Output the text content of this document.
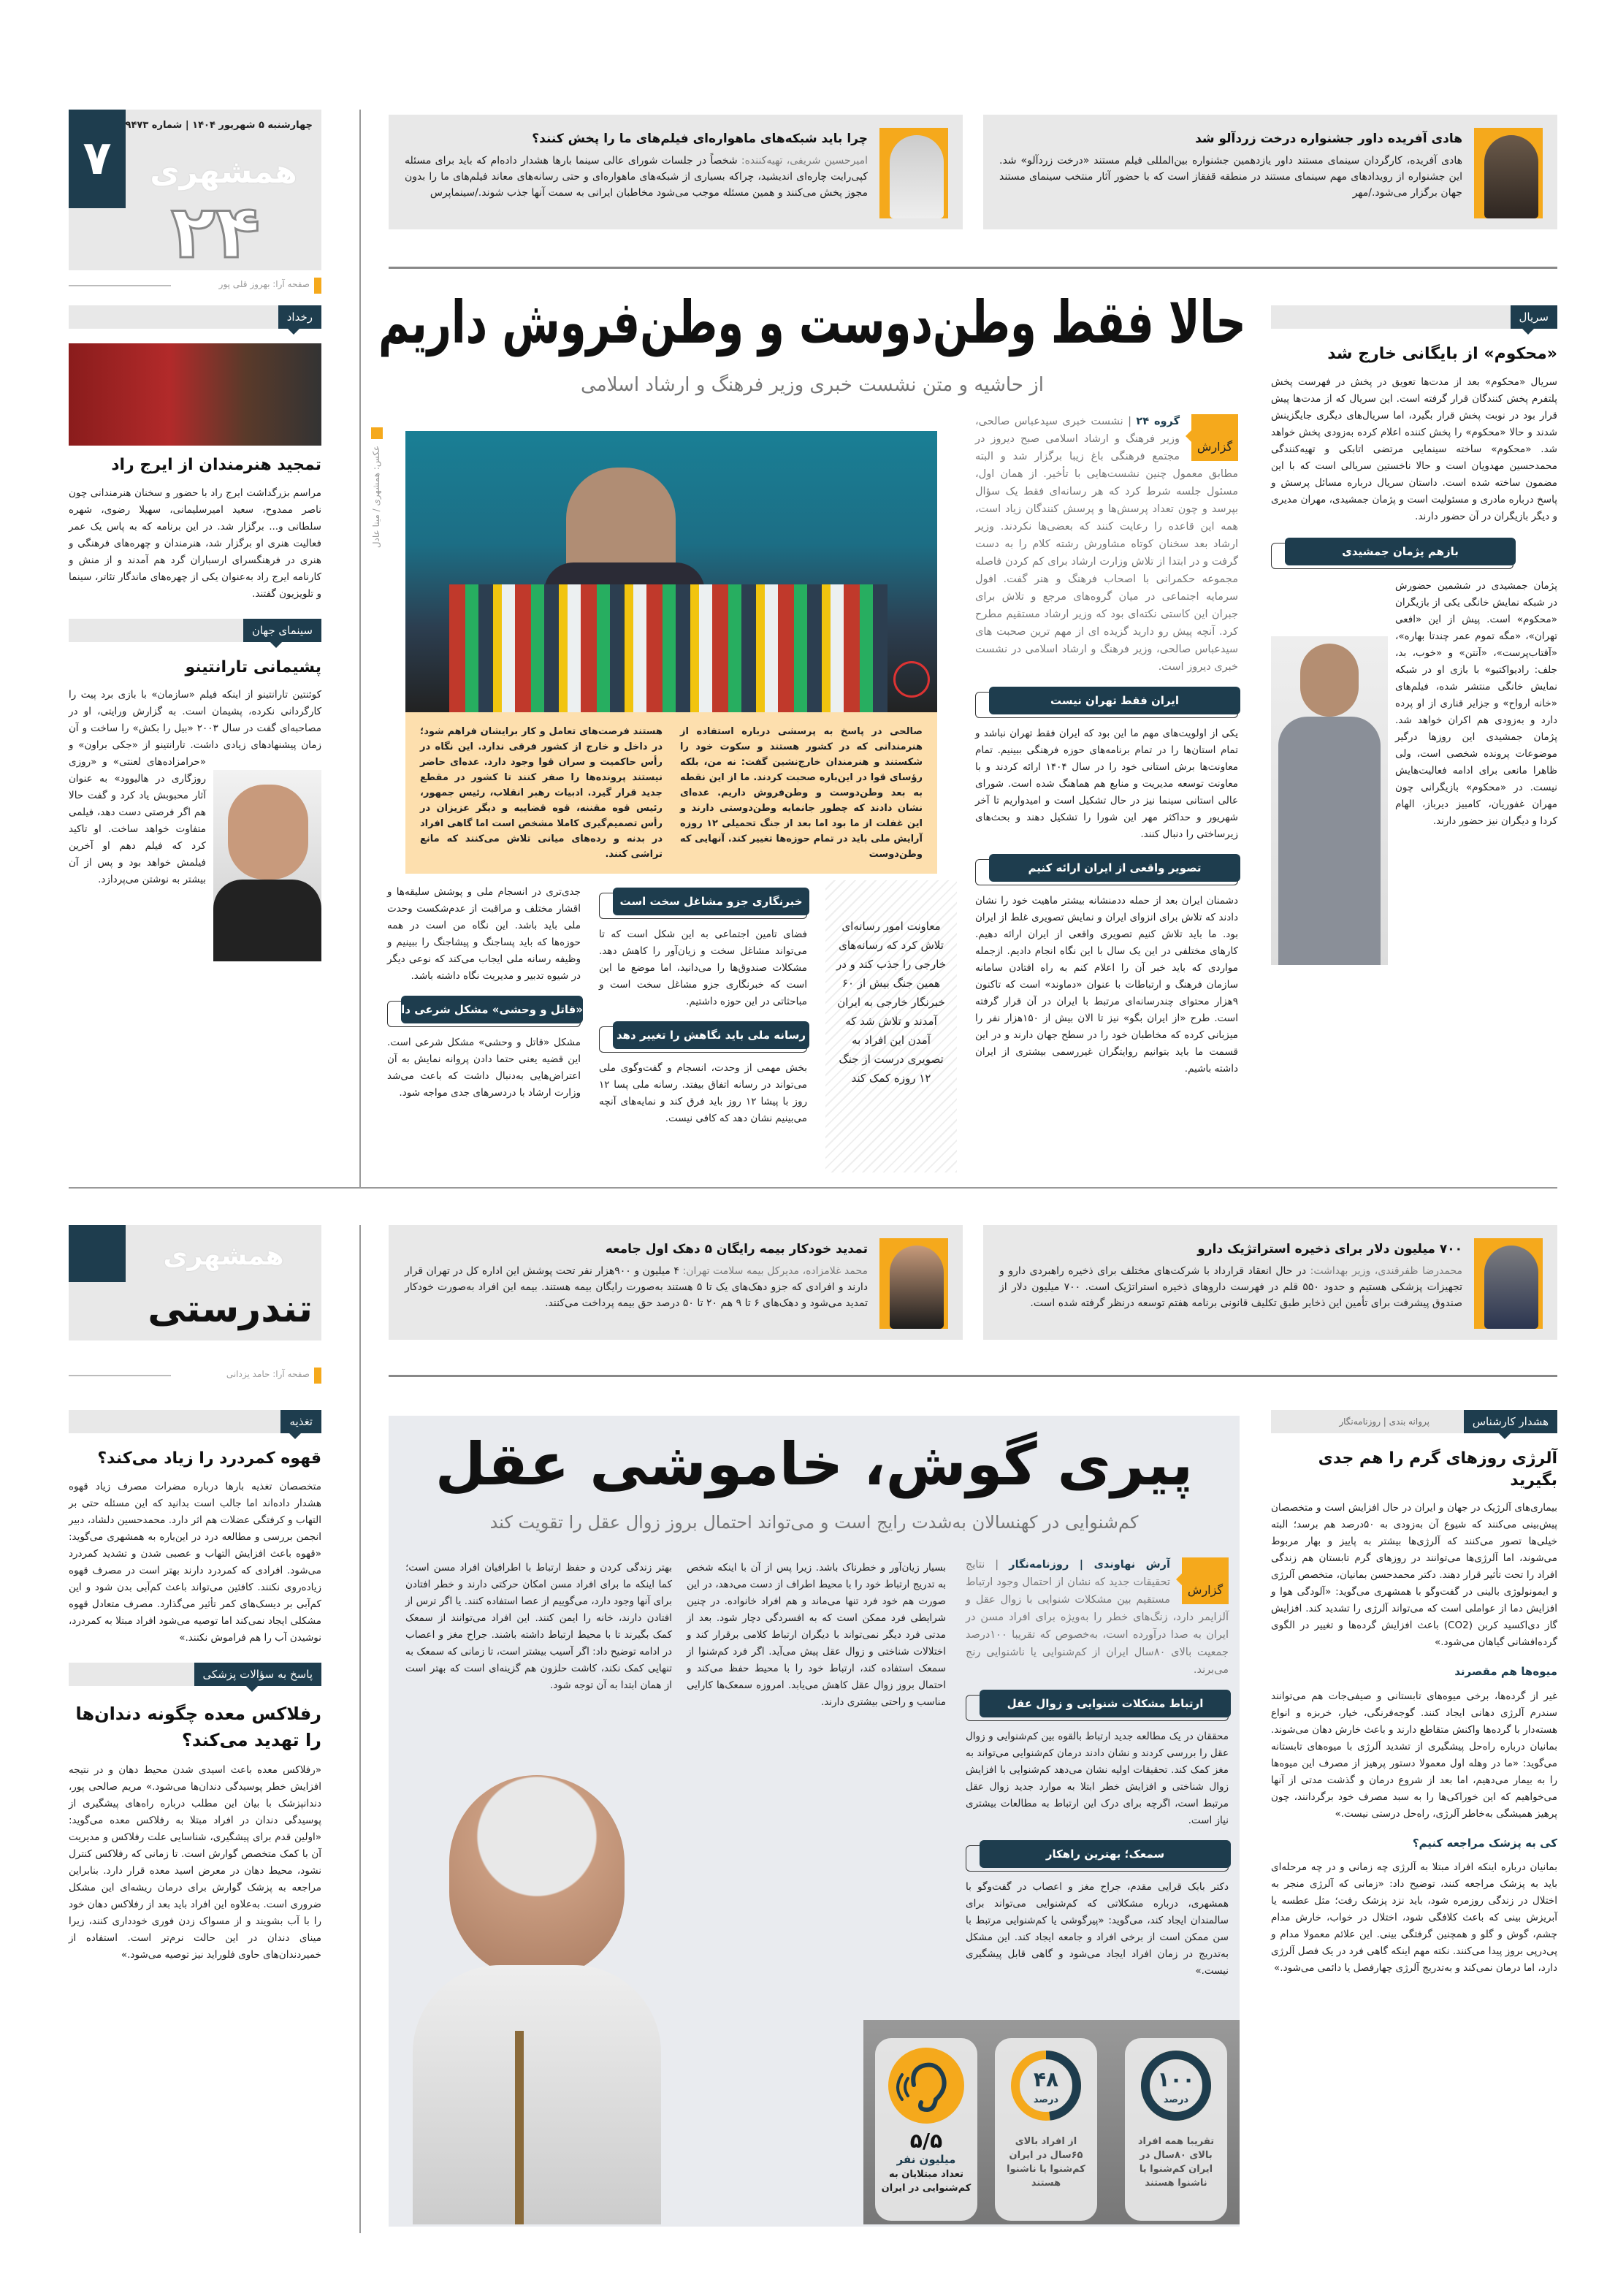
۷
چهارشنبه ۵ شهریور ۱۴۰۴ | شماره ۹۴۷۳
همشهری
۲۴
صفحه آرا: بهروز قلی پور
هادی آفریده داور جشنواره درخت زردآلو شد

هادی آفریده، کارگردان سینمای مستند داور یازدهمین جشنواره بین‌المللی فیلم مستند «درخت زردآلو» شد. این جشنواره از رویدادهای مهم سینمای مستند در منطقه قفقاز است که با حضور آثار منتخب سینمای مستند جهان برگزار می‌شود./مهر

چرا باید شبکه‌های ماهواره‌ای فیلم‌های ما را پخش کنند؟

امیرحسین شریفی، تهیه‌کننده: شخصاً در جلسات شورای عالی سینما بارها هشدار داده‌ام که باید برای مسئله کپی‌رایت چاره‌ای اندیشید، چراکه بسیاری از شبکه‌های ماهواره‌ای و حتی رسانه‌های معاند فیلم‌های ما را بدون مجوز پخش می‌کنند و همین مسئله موجب می‌شود مخاطبان ایرانی به سمت آنها جذب شوند./سینماپرس

حالا فقط وطن‌دوست و وطن‌فروش داریم
از حاشیه و متن نشست خبری وزیر فرهنگ و ارشاد اسلامی
عکس: همشهری / مینا عادل
صالحی در پاسخ به پرسشی درباره استفاده از هنرمندانی که در کشور هستند و سکوت خود را شکستند و هنرمندان خارج‌نشین گفت: نه من، بلکه رؤسای قوا در این‌باره صحبت کردند. ما از این نقطه به بعد وطن‌دوست و وطن‌فروش داریم. عده‌ای نشان دادند که چطور جانمایه وطن‌دوستی دارند و این غفلت از ما بود اما بعد از جنگ تحمیلی ۱۲ روزه آرایش ملی باید در تمام حوزه‌ها تغییر کند. آنهایی که وطن‌دوست
هستند فرصت‌های تعامل و کار برایشان فراهم شود؛ در داخل و خارج از کشور فرقی ندارد. این نگاه در رأس حاکمیت و سران قوا وجود دارد. عده‌ای حاضر نیستند پرونده‌ها را صفر کنند تا کشور در مقطع جدید قرار گیرد. ادبیات رهبر انقلاب، رئیس جمهور، رئیس قوه مقننه، قوه قضاییه و دیگر عزیزان در رأس تصمیم‌گیری کاملا مشخص است اما گاهی افراد در بدنه و رده‌های میانی تلاش می‌کنند که مانع تراشی کنند.
گزارش
گروه ۲۴ | نشست خبری سیدعباس صالحی، وزیر فرهنگ و ارشاد اسلامی صبح دیروز در مجتمع فرهنگی باغ زیبا برگزار شد و البته مطابق معمول چنین نشست‌هایی با تأخیر. از همان اول، مسئول جلسه شرط کرد که هر رسانه‌ای فقط یک سؤال بپرسد و چون تعداد پرسش‌ها و پرسش کنندگان زیاد است، همه این قاعده را رعایت کنند که بعضی‌ها نکردند. وزیر ارشاد بعد سخنان کوتاه مشاورش رشته کلام را به دست گرفت و در ابتدا از تلاش وزارت ارشاد برای کم کردن فاصله مجموعه حکمرانی با اصحاب فرهنگ و هنر گفت. افول سرمایه اجتماعی در میان گروه‌های مرجع و تلاش برای جبران این کاستی نکته‌ای بود که وزیر ارشاد مستقیم مطرح کرد. آنچه پیش رو دارید گزیده ای از مهم ترین صحبت های سیدعباس صالحی، وزیر فرهنگ و ارشاد اسلامی در نشست خبری دیروز است.
ایران فقط تهران نیست
یکی از اولویت‌های مهم ما این بود که ایران فقط تهران نباشد و تمام استان‌ها را در تمام برنامه‌های حوزه فرهنگی ببینیم. تمام معاونت‌ها برش استانی خود را در سال ۱۴۰۴ ارائه کردند و با معاونت توسعه مدیریت و منابع هم هماهنگ شده است. شورای عالی استانی سینما نیز در حال تشکیل است و امیدواریم تا آخر شهریور و حداکثر مهر این شورا را تشکیل دهند و بحث‌های زیرساختی را دنبال کنند.
تصویر واقعی از ایران ارائه کنیم
دشمنان ایران بعد از حمله ددمنشانه بیشتر ماهیت خود را نشان دادند که تلاش برای انزوای ایران و نمایش تصویری غلط از ایران بود. ما باید تلاش کنیم تصویری واقعی از ایران ارائه دهیم. کارهای مختلفی در این یک سال با این نگاه انجام دادیم. ازجمله مواردی که باید خبر آن را اعلام کنم به راه افتادن سامانه سازمان فرهنگ و ارتباطات با عنوان «دماوند» است که تاکنون ۹هزار محتوای چندرسانه‌ای مرتبط با ایران در آن قرار گرفته است. طرح «از ایران بگو» نیز تا الان بیش از ۱۵۰هزار نفر را میزبانی کرده که مخاطبان خود را در سطح جهان دارند و در این قسمت ما باید بتوانیم روایتگران غیررسمی بیشتری از ایران داشته باشیم.
معاونت امور رسانه‌ای تلاش کرد که رسانه‌های خارجی را جذب کند و در همین جنگ بیش از ۶۰ خبرنگار خارجی به ایران آمدند و تلاش شد که آمدن این افراد به تصویری درست از جنگ ۱۲ روزه کمک کند
خبرنگاری جزو مشاغل سخت است
فضای تامین اجتماعی به این شکل است که تا می‌تواند مشاغل سخت و زیان‌آور را کاهش دهد. مشکلات صندوق‌ها را می‌دانید، اما موضع ما این است که خبرنگاری جزو مشاغل سخت است و مباحثاتی در این حوزه داشتیم.
رسانه ملی باید نگاهش را تغییر دهد
بخش مهمی از وحدت، انسجام و گفت‌وگوی ملی می‌تواند در رسانه اتفاق بیفتد. رسانه ملی پسا ۱۲ روز با پیشا ۱۲ روز باید فرق کند و نمایه‌های آنچه می‌بینیم نشان دهد که کافی نیست.
جدی‌تری در انسجام ملی و پوشش سلیقه‌ها و اقشار مختلف و مراقبت از عدم‌شکست وحدت ملی باید باشد. این نگاه من است در همه حوزه‌ها که باید پساجنگ و پیشاجنگ را ببینیم و وظیفه رسانه ملی ایجاب می‌کند که نوعی دیگر در شیوه تدبیر و مدیریت نگاه داشته باشد.
«قاتل و وحشی» مشکل شرعی دارد
مشکل «قاتل و وحشی» مشکل شرعی است. این قضیه یعنی حتما دادن پروانه نمایش به آن اعتراض‌هایی به‌دنبال داشت که باعث می‌شد وزارت ارشاد با دردسرهای جدی مواجه شود.
سریال
«محکوم» از بایگانی خارج شد
سریال «محکوم» بعد از مدت‌ها تعویق در پخش در فهرست پخش پلتفرم پخش کنندگان قرار گرفته است. این سریال که از مدت‌ها پیش قرار بود در نوبت پخش قرار بگیرد، اما سریال‌های دیگری جایگزینش شدند و حالا «محکوم» را پخش کننده اعلام کرده به‌زودی پخش خواهد شد. «محکوم» ساخته سینمایی مرتضی اتابکی و تهیه‌کنندگی محمدحسین مهدویان است و حالا ناخستین سریالی است که با این مضمون ساخته شده است. داستان سریال درباره مسائل پرسش و پاسخ درباره مادری و مسئولیت است و پژمان جمشیدی، مهران مدیری و دیگر بازیگران در آن حضور دارند.
بازهم پژمان جمشیدی
پژمان جمشیدی در ششمین حضورش در شبکه نمایش خانگی یکی از بازیگران «محکوم» است. پیش از این «افعی تهران»، «مگه تموم عمر چندتا بهاره»، «آفتاب‌پرست»، «آنتن» و «خوب، بد، جلف: رادیواکتیو» با بازی او در شبکه نمایش خانگی منتشر شده، فیلم‌های «خانه ارواح» و جزایر قناری از او پرده دارد و به‌زودی هم اکران خواهد شد. پژمان جمشیدی این روزها درگیر موضوعات پرونده شخصی است، ولی ظاهرا مانعی برای ادامه فعالیت‌هایش نیست. در «محکوم» بازیگرانی چون مهران غفوریان، کامبیز دیرباز، الهام کردا و دیگران نیز حضور دارند.
رخداد
تمجید هنرمندان از ایرج راد
مراسم بزرگداشت ایرج راد با حضور و سخنان هنرمندانی چون ناصر ممدوح، سعید امیرسلیمانی، سهیلا رضوی، شهره سلطانی و... برگزار شد. در این برنامه که به پاس یک عمر فعالیت هنری او برگزار شد، هنرمندان و چهره‌های فرهنگی و هنری در فرهنگسرای ارسباران گرد هم آمدند و از منش و کارنامه ایرج راد به‌عنوان یکی از چهره‌های ماندگار تئاتر، سینما و تلویزیون گفتند.
سینمای جهان
پشیمانی تارانتینو
کوئنتین تارانتینو از اینکه فیلم «سازمان» با بازی برد پیت را کارگردانی نکرده، پشیمان است. به گزارش ورایتی، او در مصاحبه‌ای گفت در سال ۲۰۰۳ «بیل را بکش» را ساخت و آن زمان پیشنهادهای زیادی داشت. تارانتینو از «جکی براون» و «حرامزاده‌های لعنتی» و «روزی روزگاری در هالیوود» به عنوان آثار محبوبش یاد کرد و گفت حالا هم اگر فرصتی دست دهد، فیلمی متفاوت خواهد ساخت. او تاکید کرد که فیلم دهم او آخرین فیلمش خواهد بود و پس از آن بیشتر به نوشتن می‌پردازد.
همشهری
تندرستی
صفحه آرا: حامد یزدانی
۷۰۰ میلیون دلار برای ذخیره استراتژیک دارو

محمدرضا ظفرقندی، وزیر بهداشت: در حال انعقاد قرارداد با شرکت‌های مختلف برای ذخیره راهبردی دارو و تجهیزات پزشکی هستیم و حدود ۵۵۰ قلم در فهرست داروهای ذخیره استراتژیک است. ۷۰۰ میلیون دلار از صندوق پیشرفت برای تأمین این ذخایر طبق تکلیف قانونی برنامه هفتم توسعه درنظر گرفته شده است.

تمدید خودکار بیمه رایگان ۵ دهک اول جامعه

محمد غلامزاده، مدیرکل بیمه سلامت تهران: ۴ میلیون و ۹۰۰هزار نفر تحت پوشش این اداره کل در تهران قرار دارند و افرادی که جزو دهک‌های یک تا ۵ هستند به‌صورت رایگان بیمه هستند. بیمه این افراد به‌صورت خودکار تمدید می‌شود و دهک‌های ۶ تا ۹ هم ۲۰ تا ۵۰ درصد حق بیمه پرداخت می‌کنند.

پیری گوش، خاموشی عقل
کم‌شنوایی در کهنسالان به‌شدت رایج است و می‌تواند احتمال بروز زوال عقل را تقویت کند
گزارش
آرش نهاوندی | روزنامه‌نگار | نتایج تحقیقات جدید که نشان از احتمال وجود ارتباط مستقیم بین مشکلات شنوایی با زوال عقل و آلزایمر دارد، زنگ‌های خطر را به‌ویژه برای افراد مسن در ایران به صدا درآورده است، به‌خصوص که تقریبا ۱۰۰درصد جمعیت بالای ۸۰سال ایران از کم‌شنوایی یا ناشنوایی رنج می‌برند.
ارتباط مشکلات شنوایی و زوال عقل
محققان در یک مطالعه جدید ارتباط بالقوه بین کم‌شنوایی و زوال عقل را بررسی کردند و نشان دادند درمان کم‌شنوایی می‌تواند به مغز کمک کند. تحقیقات اولیه نشان می‌دهد کم‌شنوایی با افزایش زوال شناختی و افزایش خطر ابتلا به موارد جدید زوال عقل مرتبط است، اگرچه برای درک این ارتباط به مطالعات بیشتری نیاز است.
سمعک؛ بهترین راهکار
دکتر بابک قرایی مقدم، جراح مغز و اعصاب در گفت‌وگو با همشهری، درباره مشکلاتی که کم‌شنوایی می‌تواند برای سالمندان ایجاد کند، می‌گوید: «پیرگوشی یا کم‌شنوایی مرتبط با سن ممکن است از برخی افراد و جامعه ایجاد کند. این مشکل به‌تدریج در زمان افراد ایجاد می‌شود و گاهی قابل پیشگیری نیست.»
بسیار زیان‌آور و خطرناک باشد. زیرا پس از آن با اینکه شخص به تدریج ارتباط خود را با محیط اطراف از دست می‌دهد، در این صورت هم خود فرد تنها می‌ماند و هم افراد خانواده. در چنین شرایطی فرد ممکن است که به افسردگی دچار شود. بعد از مدتی فرد دیگر نمی‌تواند با دیگران ارتباط کلامی برقرار کند و اختلالات شناختی و زوال عقل پیش می‌آید. اگر فرد کم‌شنوا از سمعک استفاده کند، ارتباط خود را با محیط حفظ می‌کند و احتمال بروز زوال عقل کاهش می‌یابد. امروزه سمعک‌ها کارایی مناسب و راحتی بیشتری دارند.
بهتر زندگی کردن و حفظ ارتباط با اطرافیان افراد مسن است؛ کما اینکه ما برای افراد مسن امکان حرکتی دارند و خطر افتادن برای آنها وجود دارد، می‌گوییم از عصا استفاده کنند. یا اگر ترس از افتادن دارند، خانه را ایمن کنند. این افراد می‌توانند از سمعک کمک بگیرند تا با محیط ارتباط داشته باشند. جراح مغز و اعصاب در ادامه توضیح داد: اگر آسیب بیشتر است، تا زمانی که سمعک به تنهایی کمک نکند، کاشت حلزون هم گزینه‌ای است که بهتر است از همان ابتدا به آن توجه شود.
۱۰۰
درصد
تقریبا همه افراد بالای ۸۰سال در ایران کم‌شنوا یا ناشنوا هستند
۴۸
درصد
از افراد بالای ۶۵سال در ایران کم‌شنوا یا ناشنوا هستند
۵/۵
میلیون نفر
تعداد مبتلایان به کم‌شنوایی در ایران
هشدار کارشناس
پروانه بندی | روزنامه‌نگار
آلرژی روزهای گرم را هم جدی بگیرید
بیماری‌های آلرژیک در جهان و ایران در حال افزایش است و متخصصان پیش‌بینی می‌کنند که شیوع آن به‌زودی به ۵۰درصد هم برسد؛ البته خیلی‌ها تصور می‌کنند که آلرژی‌ها بیشتر به پاییز و بهار مربوط می‌شوند، اما آلرژی‌ها می‌توانند در روزهای گرم تابستان هم زندگی افراد را تحت تأثیر قرار دهند. دکتر محمدحسن بمانیان، متخصص آلرژی و ایمونولوژی بالینی در گفت‌وگو با همشهری می‌گوید: «آلودگی هوا و افزایش دما از عواملی است که می‌تواند آلرژی را تشدید کند. افزایش گاز دی‌اکسید کربن (CO2) باعث افزایش گرده‌ها و تغییر در الگوی گرده‌افشانی گیاهان می‌شود.»
میوه‌ها هم مقصرند
غیر از گرده‌ها، برخی میوه‌های تابستانی و صیفی‌جات هم می‌توانند سندرم آلرژی دهانی ایجاد کنند. گوجه‌فرنگی، خیار، خربزه و انواع هسته‌دار با گرده‌ها واکنش متقاطع دارند و باعث خارش دهان می‌شوند. بمانیان درباره راه‌حل پیشگیری از تشدید آلرژی با میوه‌های تابستانه می‌گوید: «ما در وهله اول معمولا دستور پرهیز از مصرف این میوه‌ها را به بیمار می‌دهیم، اما بعد از شروع درمان و گذشت مدتی از آنها می‌خواهیم که این خوراکی‌ها را به سبد مصرف خود برگردانند، چون پرهیز همیشگی به‌خاطر آلرژی، راه‌حل درستی نیست.»
کی به پزشک مراجعه کنیم؟
بمانیان درباره اینکه افراد مبتلا به آلرژی چه زمانی و در چه مرحله‌ای باید به پزشک مراجعه کنند، توضیح داد: «زمانی که آلرژی منجر به اختلال در زندگی روزمره شود، باید نزد پزشک رفت؛ مثل عطسه یا آبریزش بینی که باعث کلافگی شود، اختلال در خواب، خارش مدام چشم، گوش و گلو و همچنین گرفتگی بینی. این علائم معمولا مدام و پی‌درپی بروز پیدا می‌کنند. نکته مهم اینکه گاهی فرد در یک فصل آلرژی دارد، اما درمان نمی‌کند و به‌تدریج آلرژی چهارفصل یا دائمی می‌شود.»
تغذیه
قهوه کمردرد را زیاد می‌کند؟
متخصصان تغذیه بارها درباره مضرات مصرف زیاد قهوه هشدار داده‌اند اما جالب است بدانید که این مسئله حتی بر التهاب و کرفتگی عضلات هم اثر دارد. محمدحسین دلشاد، دبیر انجمن بررسی و مطالعه درد در این‌باره به همشهری می‌گوید: «قهوه باعث افزایش التهاب و عصبی شدن و تشدید کمردرد می‌شود. افرادی که کمردرد دارند بهتر است در مصرف قهوه زیاده‌روی نکنند. کافئین می‌تواند باعث کم‌آبی بدن شود و این کم‌آبی بر دیسک‌های کمر تأثیر می‌گذارد. مصرف متعادل قهوه مشکلی ایجاد نمی‌کند اما توصیه می‌شود افراد مبتلا به کمردرد، نوشیدن آب را هم فراموش نکنند.»
پاسخ به سؤالات پزشکی
رفلاکس معده چگونه دندان‌ها را تهدید می‌کند؟
«رفلاکس معده باعث اسیدی شدن محیط دهان و در نتیجه افزایش خطر پوسیدگی دندان‌ها می‌شود.» مریم صالحی پور، دندانپزشک با بیان این مطلب درباره راه‌های پیشگیری از پوسیدگی دندان در افراد مبتلا به رفلاکس معده می‌گوید: «اولین قدم برای پیشگیری، شناسایی علت رفلاکس و مدیریت آن با کمک متخصص گوارش است. تا زمانی که رفلاکس کنترل نشود، محیط دهان در معرض اسید معده قرار دارد. بنابراین مراجعه به پزشک گوارش برای درمان ریشه‌ای این مشکل ضروری است. به‌علاوه این افراد باید بعد از رفلاکس دهان خود را با آب بشویند و از مسواک زدن فوری خودداری کنند، زیرا مینای دندان در این حالت نرم‌تر است. استفاده از خمیردندان‌های حاوی فلوراید نیز توصیه می‌شود.»
